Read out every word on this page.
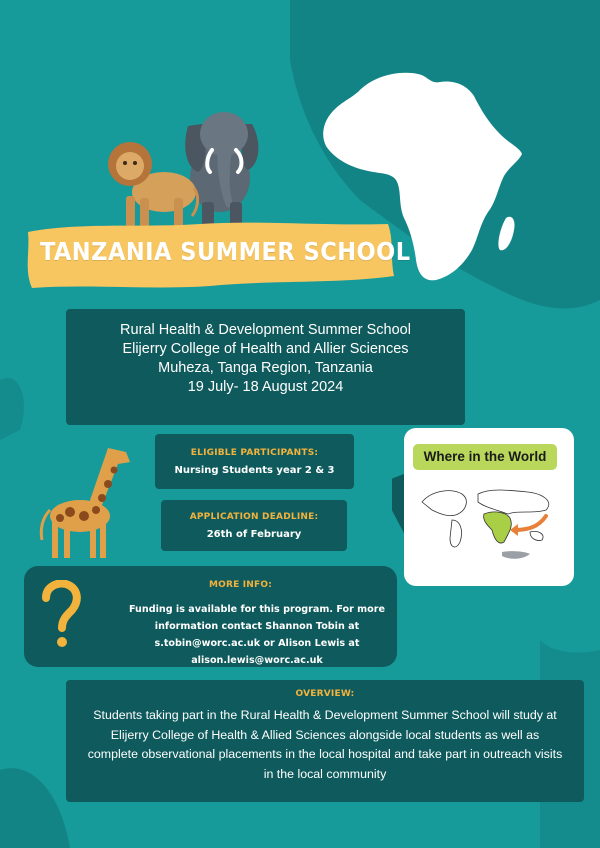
TANZANIA SUMMER SCHOOL
Rural Health & Development Summer School
Elijerry College of Health and Allier Sciences
Muheza, Tanga Region, Tanzania
19 July- 18 August 2024
ELIGIBLE PARTICIPANTS:
Nursing Students year 2 & 3
APPLICATION DEADLINE:
26th of February
Where in the World
MORE INFO:
Funding is available for this program. For more information contact Shannon Tobin at s.tobin@worc.ac.uk or Alison Lewis at alison.lewis@worc.ac.uk
OVERVIEW:
Students taking part in the Rural Health & Development Summer School will study at Elijerry College of Health & Allied Sciences alongside local students as well as complete observational placements in the local hospital and take part in outreach visits in the local community
